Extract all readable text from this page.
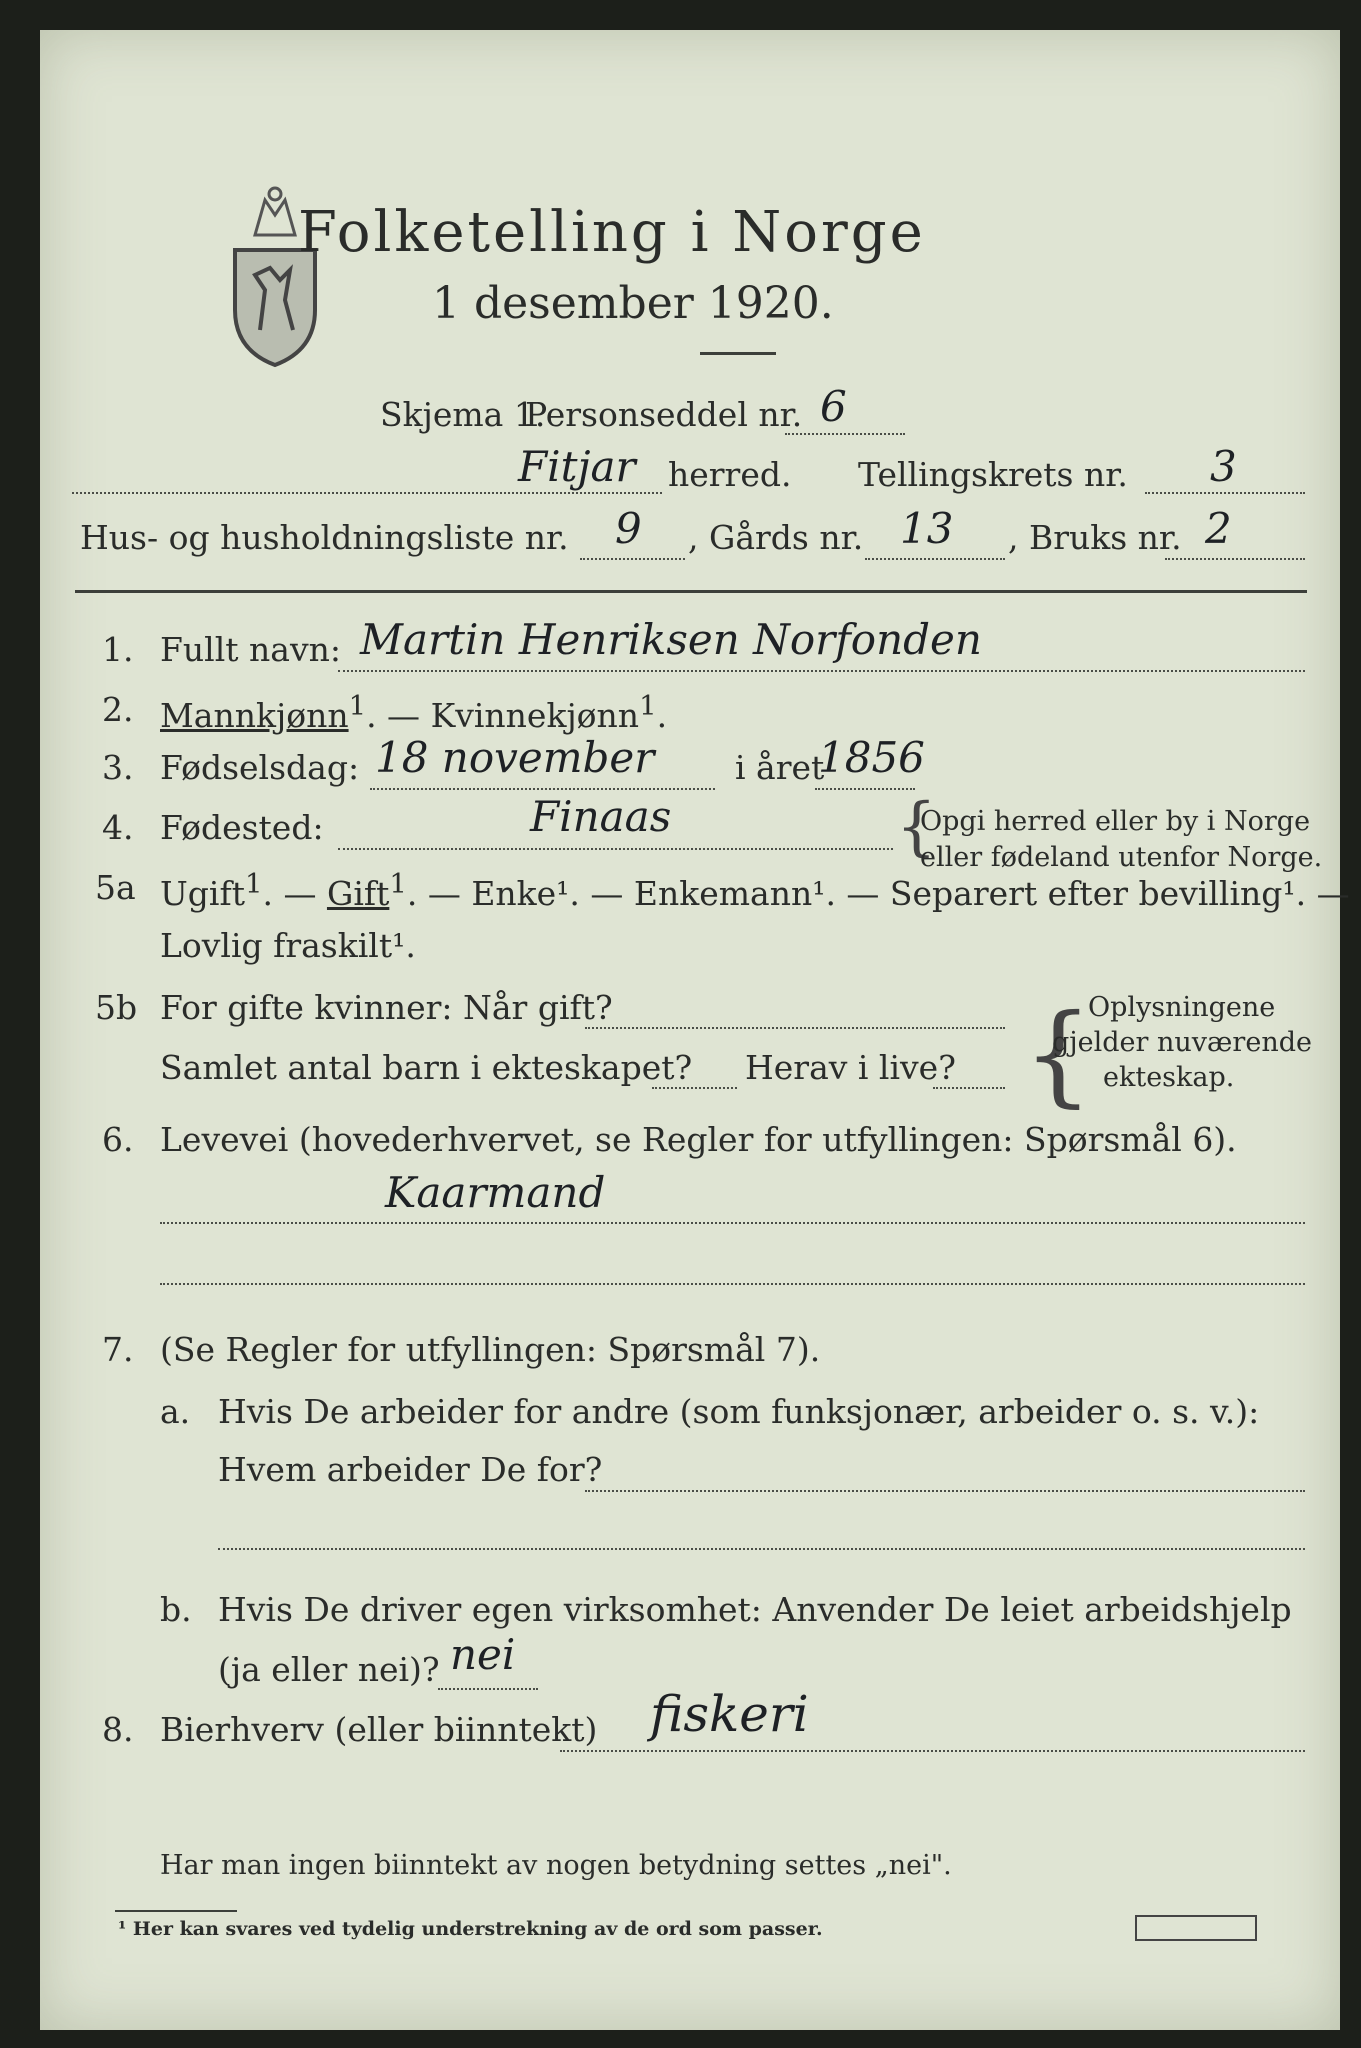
Folketelling i Norge
1 desember 1920.
Skjema 1.
Personseddel nr. 6
Fitjar herred. Tellingskrets nr. 3
Hus- og husholdningsliste nr. 9 , Gårds nr. 13 , Bruks nr. 2
1. Fullt navn: Martin Henriksen Norfonden
2. Mannkjønn$^1$. — Kvinnekjønn$^1$.
3. Fødselsdag: 18 november i året
1856
4. Fødested:	Finaas	{
Opgi herred eller by i Norge
eller fødeland utenfor Norge.
5a Ugift$^1$. — Gift$^1$. — Enke¹. — Enkemann¹. — Separert efter bevilling¹. —
Lovlig fraskilt¹.
5b For gifte kvinner: Når gift?
Samlet antal barn i ekteskapet? Herav i live? {
Oplysningene
gjelder nuværende
ekteskap.
6. Levevei (hovederhvervet, se Regler for utfyllingen: Spørsmål 6).
Kaarmand
7. (Se Regler for utfyllingen: Spørsmål 7).
a. Hvis De arbeider for andre (som funksjonær, arbeider o. s. v.):
Hvem arbeider De for?
b. Hvis De driver egen virksomhet: Anvender De leiet arbeidshjelp
(ja eller nei)? nei
8. Bierhverv (eller biinntekt) fiskeri
Har man ingen biinntekt av nogen betydning settes „nei".
¹ Her kan svares ved tydelig understrekning av de ord som passer.
